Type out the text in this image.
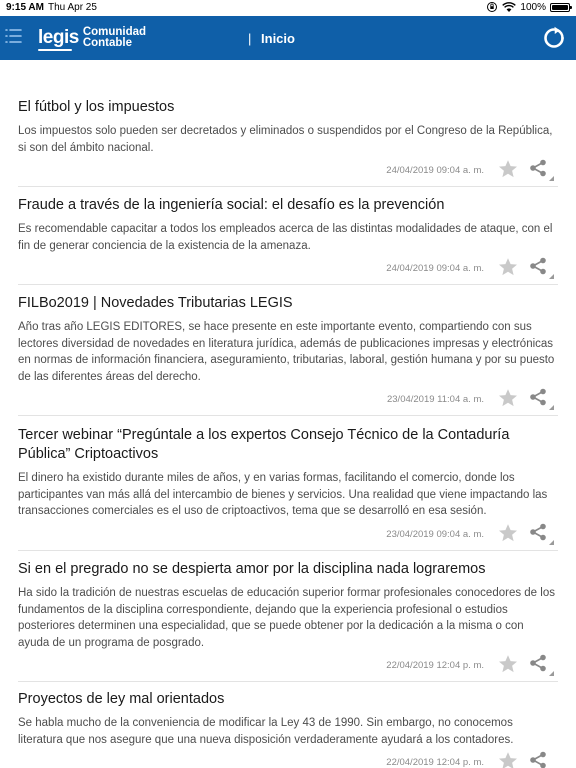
9:15 AM Thu Apr 25	100%
legis Comunidad
Contable	| Inicio
El fútbol y los impuestos

Los impuestos solo pueden ser decretados y eliminados o suspendidos por el Congreso de la República, si son del ámbito nacional.

24/04/2019 09:04 a. m.
Fraude a través de la ingeniería social: el desafío es la prevención

Es recomendable capacitar a todos los empleados acerca de las distintas modalidades de ataque, con el fin de generar conciencia de la existencia de la amenaza.

24/04/2019 09:04 a. m.
FILBo2019 | Novedades Tributarias LEGIS

Año tras año LEGIS EDITORES, se hace presente en este importante evento, compartiendo con sus lectores diversidad de novedades en literatura jurídica, además de publicaciones impresas y electrónicas en normas de información financiera, aseguramiento, tributarias, laboral, gestión humana y por su puesto de las diferentes áreas del derecho.

23/04/2019 11:04 a. m.
Tercer webinar “Pregúntale a los expertos Consejo Técnico de la Contaduría Pública” Criptoactivos

El dinero ha existido durante miles de años, y en varias formas, facilitando el comercio, donde los participantes van más allá del intercambio de bienes y servicios. Una realidad que viene impactando las transacciones comerciales es el uso de criptoactivos, tema que se desarrolló en esa sesión.

23/04/2019 09:04 a. m.
Si en el pregrado no se despierta amor por la disciplina nada lograremos

Ha sido la tradición de nuestras escuelas de educación superior formar profesionales conocedores de los fundamentos de la disciplina correspondiente, dejando que la experiencia profesional o estudios posteriores determinen una especialidad, que se puede obtener por la dedicación a la misma o con ayuda de un programa de posgrado.

22/04/2019 12:04 p. m.
Proyectos de ley mal orientados

Se habla mucho de la conveniencia de modificar la Ley 43 de 1990. Sin embargo, no conocemos literatura que nos asegure que una nueva disposición verdaderamente ayudará a los contadores.

22/04/2019 12:04 p. m.
